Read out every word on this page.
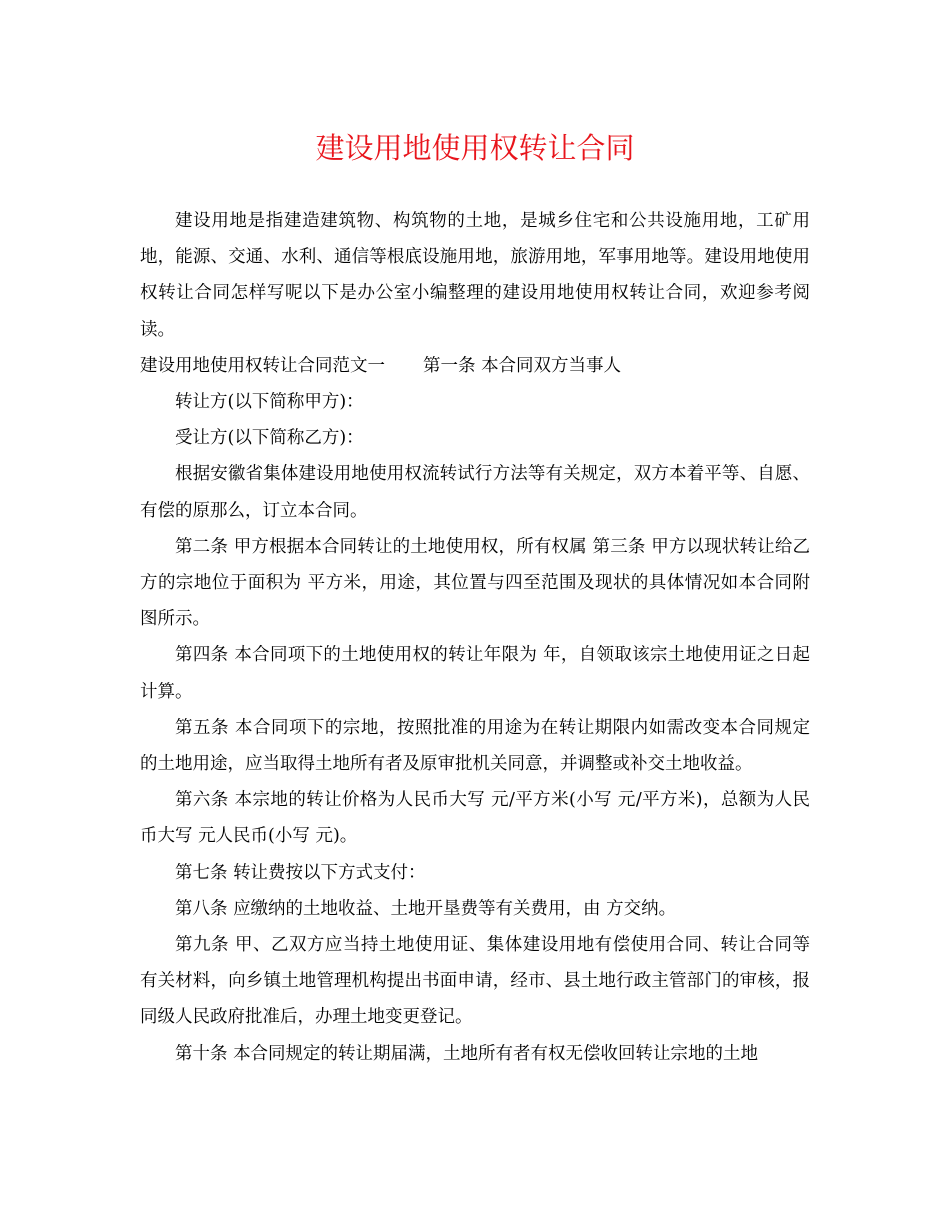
建设用地使用权转让合同

建设用地是指建造建筑物、构筑物的土地，是城乡住宅和公共设施用地，工矿用地，能源、交通、水利、通信等根底设施用地，旅游用地，军事用地等。建设用地使用权转让合同怎样写呢以下是办公室小编整理的建设用地使用权转让合同，欢迎参考阅读。

建设用地使用权转让合同范文一 第一条 本合同双方当事人

转让方(以下简称甲方)：

受让方(以下简称乙方)：

根据安徽省集体建设用地使用权流转试行方法等有关规定，双方本着平等、自愿、有偿的原那么，订立本合同。

第二条 甲方根据本合同转让的土地使用权，所有权属 第三条 甲方以现状转让给乙方的宗地位于面积为 平方米，用途，其位置与四至范围及现状的具体情况如本合同附图所示。

第四条 本合同项下的土地使用权的转让年限为 年，自领取该宗土地使用证之日起计算。

第五条 本合同项下的宗地，按照批准的用途为在转让期限内如需改变本合同规定的土地用途，应当取得土地所有者及原审批机关同意，并调整或补交土地收益。

第六条 本宗地的转让价格为人民币大写 元/平方米(小写 元/平方米)，总额为人民币大写 元人民币(小写 元)。

第七条 转让费按以下方式支付：

第八条 应缴纳的土地收益、土地开垦费等有关费用，由 方交纳。

第九条 甲、乙双方应当持土地使用证、集体建设用地有偿使用合同、转让合同等有关材料，向乡镇土地管理机构提出书面申请，经市、县土地行政主管部门的审核，报同级人民政府批准后，办理土地变更登记。

第十条 本合同规定的转让期届满，土地所有者有权无偿收回转让宗地的土地
